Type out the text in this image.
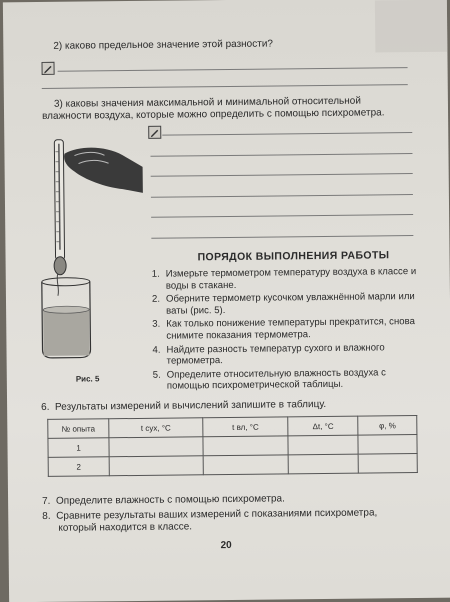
2) каково предельное значение этой разности?
3) каковы значения максимальной и минимальной относительной
влажности воздуха, которые можно определить с помощью психрометра.
Рис. 5
ПОРЯДОК ВЫПОЛНЕНИЯ РАБОТЫ
1. Измерьте термометром температуру воздуха в классе и воды в стакане.
2. Оберните термометр кусочком увлажнённой марли или ваты (рис. 5).
3. Как только понижение температуры прекратится, снова снимите показания термометра.
4. Найдите разность температур сухого и влажного термометра.
5. Определите относительную влажность воздуха с помощью психрометрической таблицы.
6. Результаты измерений и вычислений запишите в таблицу.
№ опыта	t сух, °C	t вл, °C	Δt, °C	φ, %
1				
2				
7. Определите влажность с помощью психрометра.
8. Сравните результаты ваших измерений с показаниями психрометра,
который находится в классе.
20
